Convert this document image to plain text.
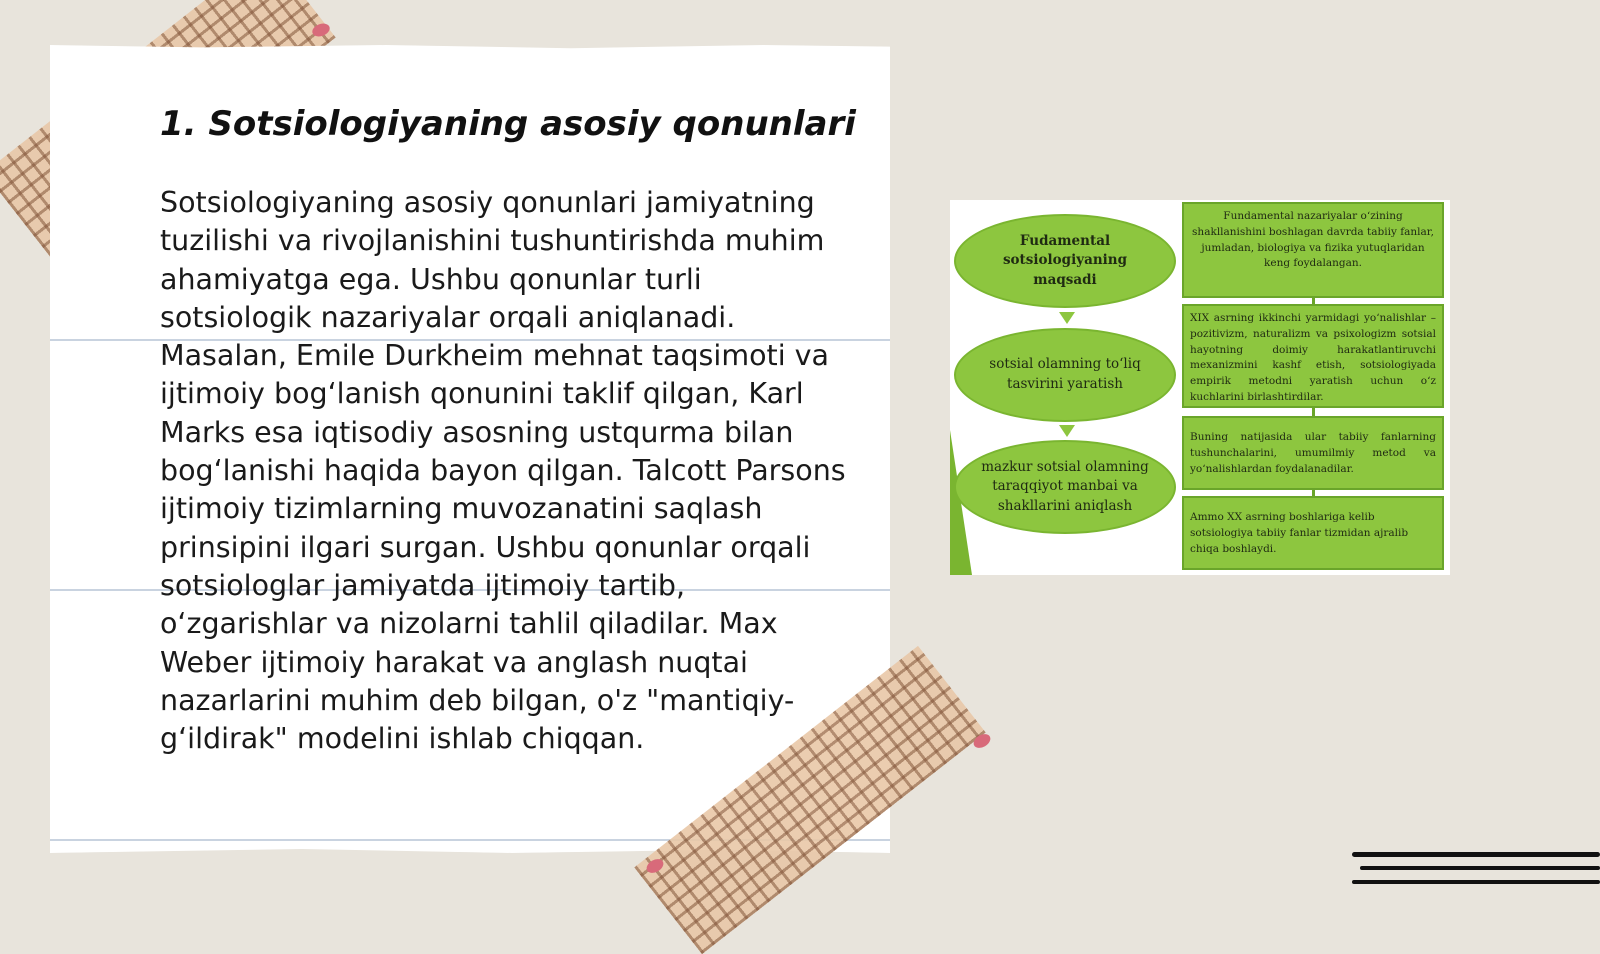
1. Sotsiologiyaning asosiy qonunlari

Sotsiologiyaning asosiy qonunlari jamiyatning tuzilishi va rivojlanishini tushuntirishda muhim ahamiyatga ega. Ushbu qonunlar turli sotsiologik nazariyalar orqali aniqlanadi. Masalan, Emile Durkheim mehnat taqsimoti va ijtimoiy bog‘lanish qonunini taklif qilgan, Karl Marks esa iqtisodiy asosning ustqurma bilan bog‘lanishi haqida bayon qilgan. Talcott Parsons ijtimoiy tizimlarning muvozanatini saqlash prinsipini ilgari surgan. Ushbu qonunlar orqali sotsiologlar jamiyatda ijtimoiy tartib, o‘zgarishlar va nizolarni tahlil qiladilar. Max Weber ijtimoiy harakat va anglash nuqtai nazarlarini muhim deb bilgan, o'z "mantiqiy-g‘ildirak" modelini ishlab chiqqan.

Fudamental sotsiologiyaning maqsadi
sotsial olamning to‘liq tasvirini yaratish
mazkur sotsial olamning taraqqiyot manbai va shakllarini aniqlash
Fundamental nazariyalar o‘zining shakllanishini boshlagan davrda tabiiy fanlar, jumladan, biologiya va fizika yutuqlaridan keng foydalangan.
XIX asrning ikkinchi yarmidagi yo‘nalishlar – pozitivizm, naturalizm va psixologizm sotsial hayotning doimiy harakatlantiruvchi mexanizmini kashf etish, sotsiologiyada empirik metodni yaratish uchun o‘z kuchlarini birlashtirdilar.
Buning natijasida ular tabiiy fanlarning tushunchalarini, umumilmiy metod va yo‘nalishlardan foydalanadilar.
Ammo XX asrning boshlariga kelib sotsiologiya tabiiy fanlar tizmidan ajralib chiqa boshlaydi.
